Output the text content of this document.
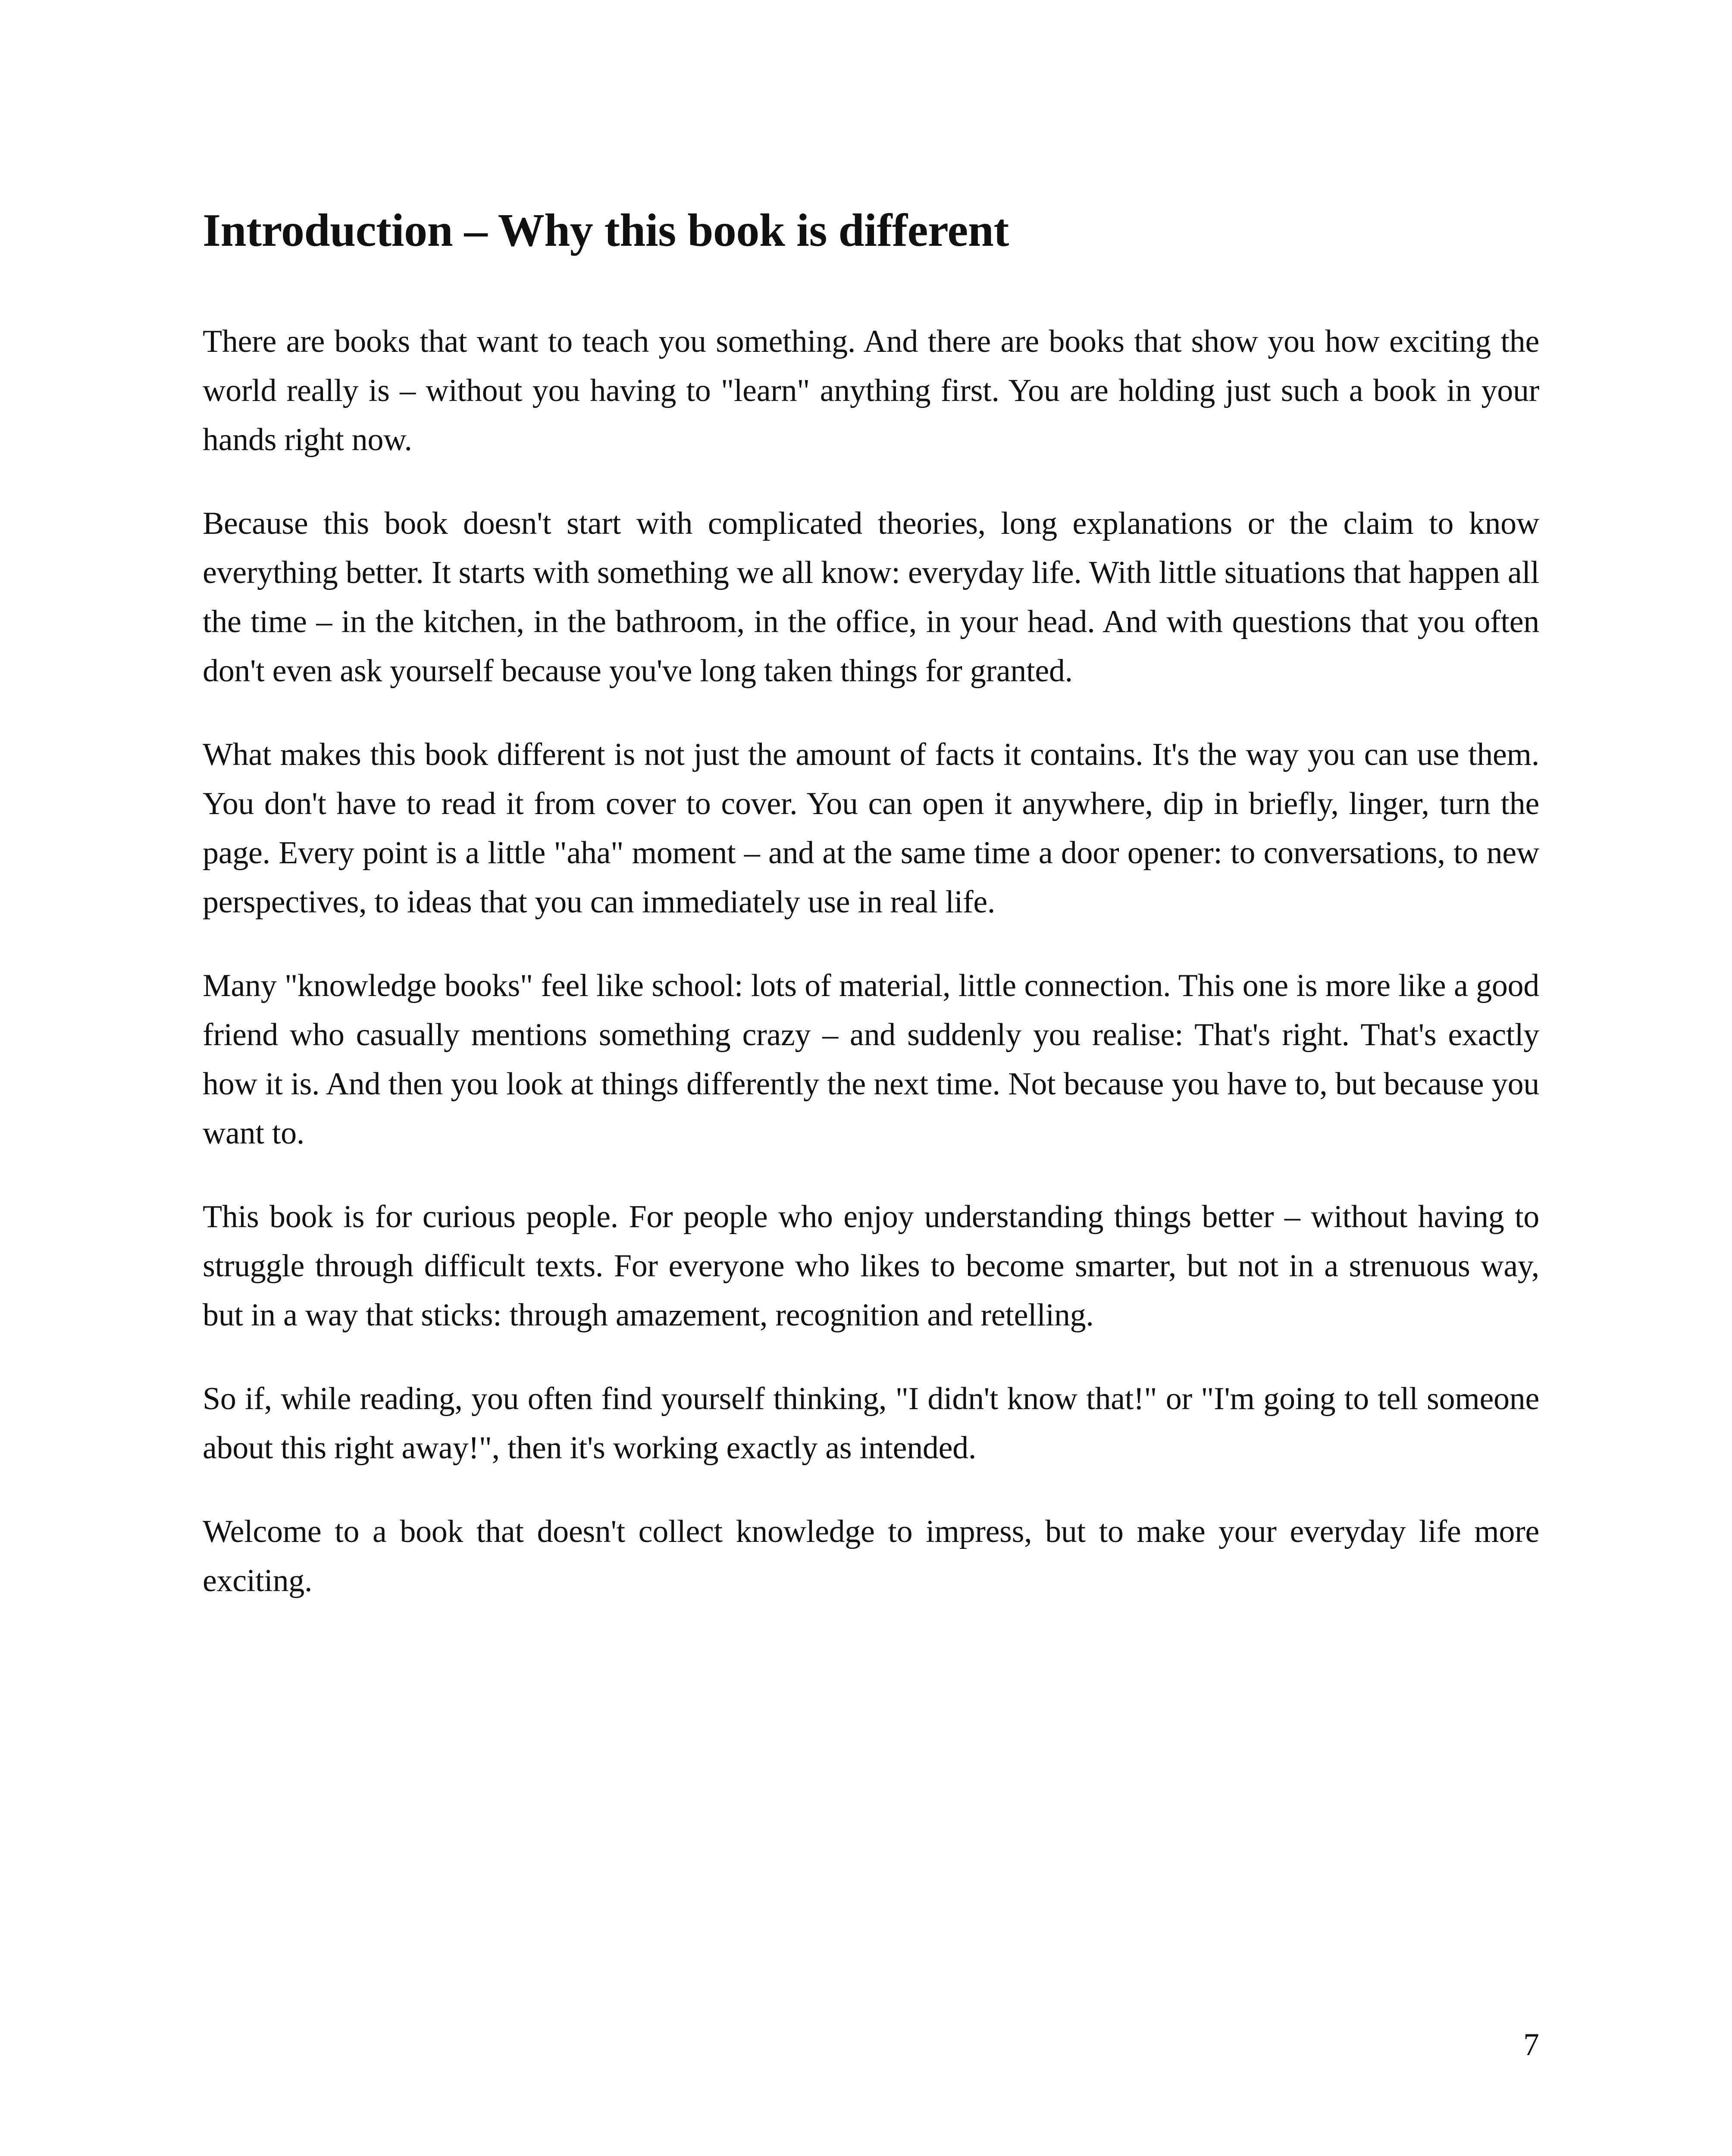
Introduction – Why this book is different

There are books that want to teach you something. And there are books that show you how exciting the world really is – without you having to "learn" anything first. You are holding just such a book in your hands right now.

Because this book doesn't start with complicated theories, long explanations or the claim to know everything better. It starts with something we all know: everyday life. With little situations that happen all the time – in the kitchen, in the bathroom, in the office, in your head. And with questions that you often don't even ask yourself because you've long taken things for granted.

What makes this book different is not just the amount of facts it contains. It's the way you can use them. You don't have to read it from cover to cover. You can open it anywhere, dip in briefly, linger, turn the page. Every point is a little "aha" moment – and at the same time a door opener: to conversations, to new perspectives, to ideas that you can immediately use in real life.

Many "knowledge books" feel like school: lots of material, little connection. This one is more like a good friend who casually mentions something crazy – and suddenly you realise: That's right. That's exactly how it is. And then you look at things differently the next time. Not because you have to, but because you want to.

This book is for curious people. For people who enjoy understanding things better – without having to struggle through difficult texts. For everyone who likes to become smarter, but not in a strenuous way, but in a way that sticks: through amazement, recognition and retelling.

So if, while reading, you often find yourself thinking, "I didn't know that!" or "I'm going to tell someone about this right away!", then it's working exactly as intended.

Welcome to a book that doesn't collect knowledge to impress, but to make your everyday life more exciting.

7
